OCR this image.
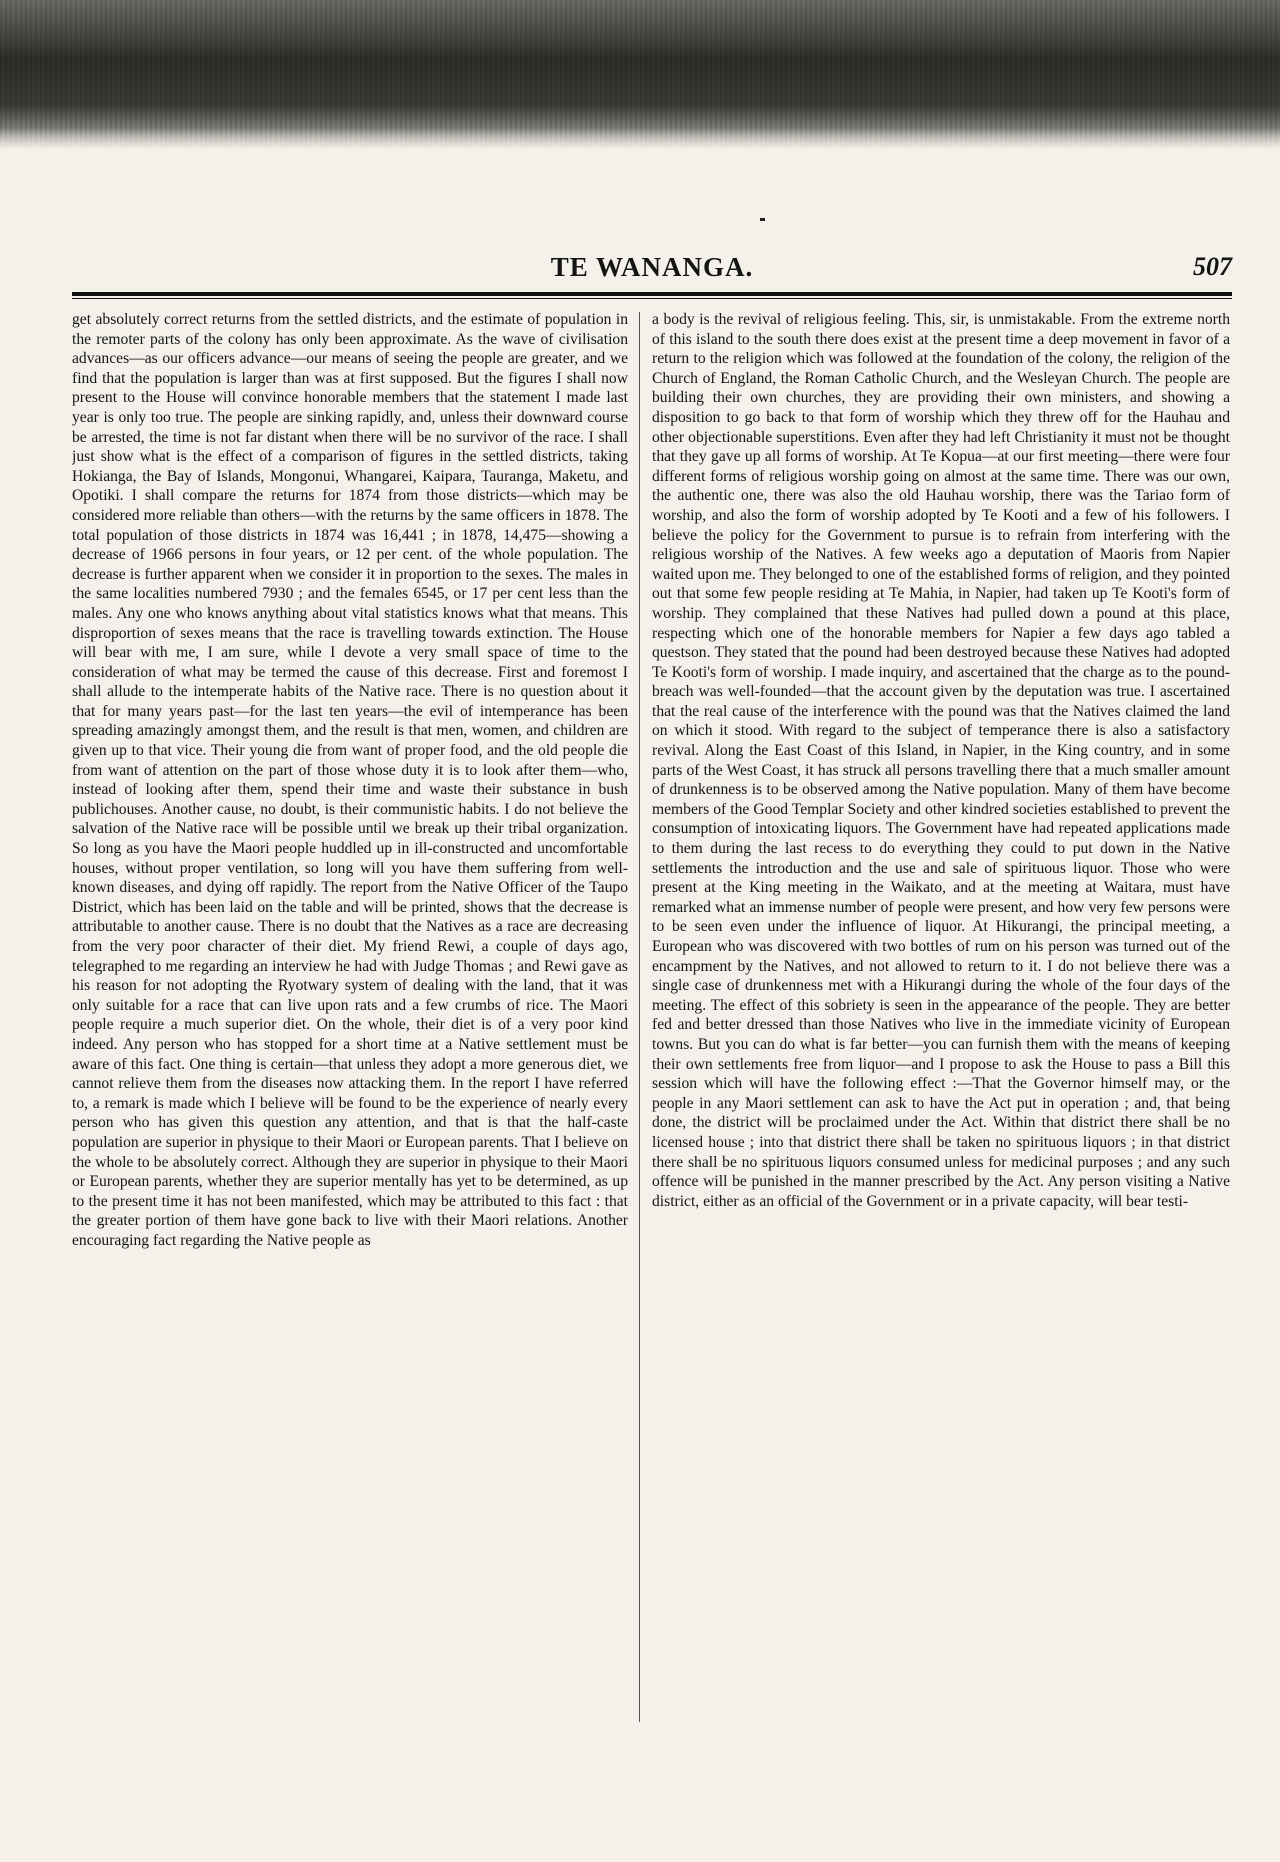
TE WANANGA.	507

get absolutely correct returns from the settled districts, and the estimate of population in the remoter parts of the colony has only been approximate. As the wave of civilisation advances—as our officers advance—our means of seeing the people are greater, and we find that the population is larger than was at first supposed. But the figures I shall now present to the House will convince honorable members that the statement I made last year is only too true. The people are sinking rapidly, and, unless their downward course be arrested, the time is not far distant when there will be no survivor of the race. I shall just show what is the effect of a comparison of figures in the settled districts, taking Hokianga, the Bay of Islands, Mongonui, Whangarei, Kaipara, Tauranga, Maketu, and Opotiki. I shall compare the returns for 1874 from those districts—which may be considered more reliable than others—with the returns by the same officers in 1878. The total population of those districts in 1874 was 16,441 ; in 1878, 14,475—showing a decrease of 1966 persons in four years, or 12 per cent. of the whole population. The decrease is further apparent when we consider it in proportion to the sexes. The males in the same localities numbered 7930 ; and the females 6545, or 17 per cent less than the males. Any one who knows anything about vital statistics knows what that means. This disproportion of sexes means that the race is travelling towards extinction. The House will bear with me, I am sure, while I devote a very small space of time to the consideration of what may be termed the cause of this decrease. First and foremost I shall allude to the intemperate habits of the Native race. There is no question about it that for many years past—for the last ten years—the evil of intemperance has been spreading amazingly amongst them, and the result is that men, women, and children are given up to that vice. Their young die from want of proper food, and the old people die from want of attention on the part of those whose duty it is to look after them—who, instead of looking after them, spend their time and waste their substance in bush publichouses. Another cause, no doubt, is their communistic habits. I do not believe the salvation of the Native race will be possible until we break up their tribal organization. So long as you have the Maori people huddled up in ill-constructed and uncomfortable houses, without proper ventilation, so long will you have them suffering from well-known diseases, and dying off rapidly. The report from the Native Officer of the Taupo District, which has been laid on the table and will be printed, shows that the decrease is attributable to another cause. There is no doubt that the Natives as a race are decreasing from the very poor character of their diet. My friend Rewi, a couple of days ago, telegraphed to me regarding an interview he had with Judge Thomas ; and Rewi gave as his reason for not adopting the Ryotwary system of dealing with the land, that it was only suitable for a race that can live upon rats and a few crumbs of rice. The Maori people require a much superior diet. On the whole, their diet is of a very poor kind indeed. Any person who has stopped for a short time at a Native settlement must be aware of this fact. One thing is certain—that unless they adopt a more generous diet, we cannot relieve them from the diseases now attacking them. In the report I have referred to, a remark is made which I believe will be found to be the experience of nearly every person who has given this question any attention, and that is that the half-caste population are superior in physique to their Maori or European parents. That I believe on the whole to be absolutely correct. Although they are superior in physique to their Maori or European parents, whether they are superior mentally has yet to be determined, as up to the present time it has not been manifested, which may be attributed to this fact : that the greater portion of them have gone back to live with their Maori relations. Another encouraging fact regarding the Native people as

a body is the revival of religious feeling. This, sir, is unmistakable. From the extreme north of this island to the south there does exist at the present time a deep movement in favor of a return to the religion which was followed at the foundation of the colony, the religion of the Church of England, the Roman Catholic Church, and the Wesleyan Church. The people are building their own churches, they are providing their own ministers, and showing a disposition to go back to that form of worship which they threw off for the Hauhau and other objectionable superstitions. Even after they had left Christianity it must not be thought that they gave up all forms of worship. At Te Kopua—at our first meeting—there were four different forms of religious worship going on almost at the same time. There was our own, the authentic one, there was also the old Hauhau worship, there was the Tariao form of worship, and also the form of worship adopted by Te Kooti and a few of his followers. I believe the policy for the Government to pursue is to refrain from interfering with the religious worship of the Natives. A few weeks ago a deputation of Maoris from Napier waited upon me. They belonged to one of the established forms of religion, and they pointed out that some few people residing at Te Mahia, in Napier, had taken up Te Kooti's form of worship. They complained that these Natives had pulled down a pound at this place, respecting which one of the honorable members for Napier a few days ago tabled a questson. They stated that the pound had been destroyed because these Natives had adopted Te Kooti's form of worship. I made inquiry, and ascertained that the charge as to the pound-breach was well-founded—that the account given by the deputation was true. I ascertained that the real cause of the interference with the pound was that the Natives claimed the land on which it stood. With regard to the subject of temperance there is also a satisfactory revival. Along the East Coast of this Island, in Napier, in the King country, and in some parts of the West Coast, it has struck all persons travelling there that a much smaller amount of drunkenness is to be observed among the Native population. Many of them have become members of the Good Templar Society and other kindred societies established to prevent the consumption of intoxicating liquors. The Government have had repeated applications made to them during the last recess to do everything they could to put down in the Native settlements the introduction and the use and sale of spirituous liquor. Those who were present at the King meeting in the Waikato, and at the meeting at Waitara, must have remarked what an immense number of people were present, and how very few persons were to be seen even under the influence of liquor. At Hikurangi, the principal meeting, a European who was discovered with two bottles of rum on his person was turned out of the encampment by the Natives, and not allowed to return to it. I do not believe there was a single case of drunkenness met with a Hikurangi during the whole of the four days of the meeting. The effect of this sobriety is seen in the appearance of the people. They are better fed and better dressed than those Natives who live in the immediate vicinity of European towns. But you can do what is far better—you can furnish them with the means of keeping their own settlements free from liquor—and I propose to ask the House to pass a Bill this session which will have the following effect :—That the Governor himself may, or the people in any Maori settlement can ask to have the Act put in operation ; and, that being done, the district will be proclaimed under the Act. Within that district there shall be no licensed house ; into that district there shall be taken no spirituous liquors ; in that district there shall be no spirituous liquors consumed unless for medicinal purposes ; and any such offence will be punished in the manner prescribed by the Act. Any person visiting a Native district, either as an official of the Government or in a private capacity, will bear testi-
